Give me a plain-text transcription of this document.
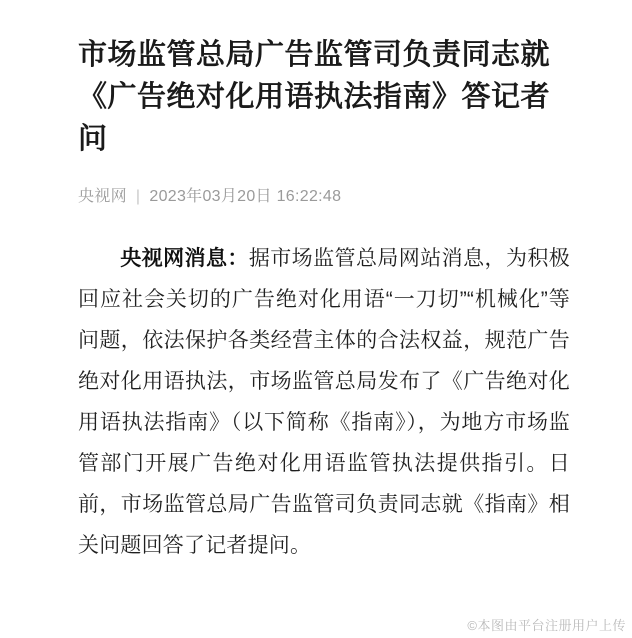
市场监管总局广告监管司负责同志就 《广告绝对化用语执法指南》答记者问
央视网 | 2023年03月20日 16:22:48

央视网消息：据市场监管总局网站消息，为积极回应社会关切的广告绝对化用语“一刀切”“机械化”等问题，依法保护各类经营主体的合法权益，规范广告绝对化用语执法，市场监管总局发布了《广告绝对化用语执法指南》（以下简称《指南》），为地方市场监管部门开展广告绝对化用语监管执法提供指引。日前，市场监管总局广告监管司负责同志就《指南》相关问题回答了记者提问。

©本图由平台注册用户上传
